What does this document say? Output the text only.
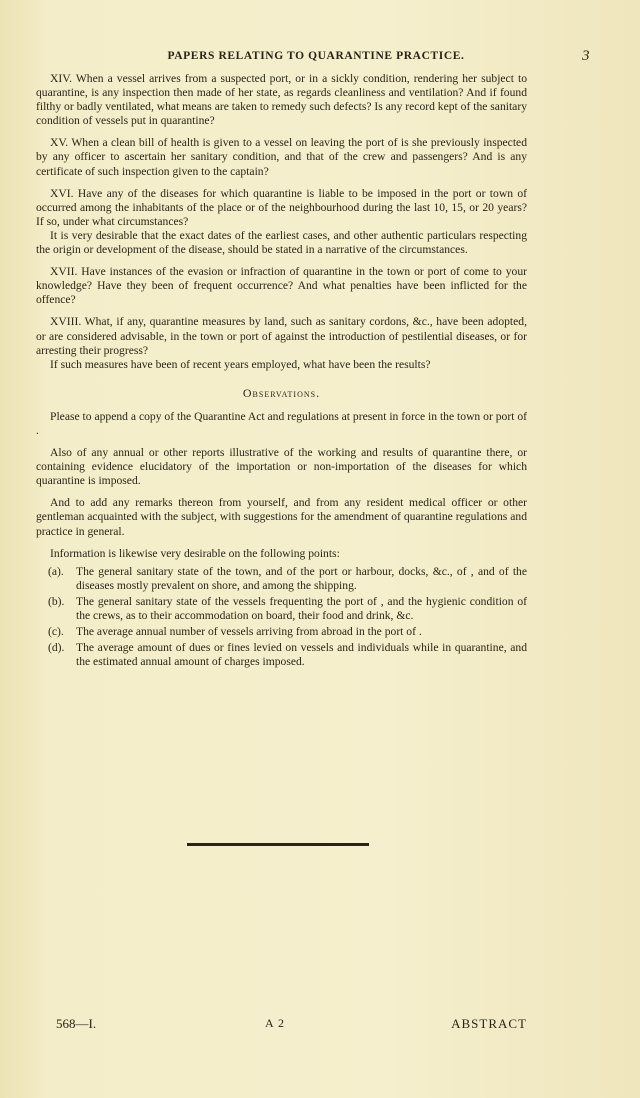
PAPERS RELATING TO QUARANTINE PRACTICE.	3

XIV. When a vessel arrives from a suspected port, or in a sickly condition, rendering her subject to quarantine, is any inspection then made of her state, as regards cleanliness and ventilation? And if found filthy or badly ventilated, what means are taken to remedy such defects? Is any record kept of the sanitary condition of vessels put in quarantine?

XV. When a clean bill of health is given to a vessel on leaving the port of is she previously inspected by any officer to ascertain her sanitary condition, and that of the crew and passengers? And is any certificate of such inspection given to the captain?

XVI. Have any of the diseases for which quarantine is liable to be imposed in the port or town of occurred among the inhabitants of the place or of the neighbourhood during the last 10, 15, or 20 years? If so, under what circumstances?

It is very desirable that the exact dates of the earliest cases, and other authentic particulars respecting the origin or development of the disease, should be stated in a narrative of the circumstances.

XVII. Have instances of the evasion or infraction of quarantine in the town or port of come to your knowledge? Have they been of frequent occurrence? And what penalties have been inflicted for the offence?

XVIII. What, if any, quarantine measures by land, such as sanitary cordons, &c., have been adopted, or are considered advisable, in the town or port of against the introduction of pestilential diseases, or for arresting their progress?

If such measures have been of recent years employed, what have been the results?

Observations.

Please to append a copy of the Quarantine Act and regulations at present in force in the town or port of .

Also of any annual or other reports illustrative of the working and results of quarantine there, or containing evidence elucidatory of the importation or non-importation of the diseases for which quarantine is imposed.

And to add any remarks thereon from yourself, and from any resident medical officer or other gentleman acquainted with the subject, with suggestions for the amendment of quarantine regulations and practice in general.

Information is likewise very desirable on the following points:

(a).	The general sanitary state of the town, and of the port or harbour, docks, &c., of , and of the diseases mostly prevalent on shore, and among the shipping.
(b). The general sanitary state of the vessels frequenting the port of , and the hygienic condition of the crews, as to their accommodation on board, their food and drink, &c.
(c).	The average annual number of vessels arriving from abroad in the port of .
(d). The average amount of dues or fines levied on vessels and individuals while in quarantine, and the estimated annual amount of charges imposed.
568—I.	A 2	ABSTRACT
